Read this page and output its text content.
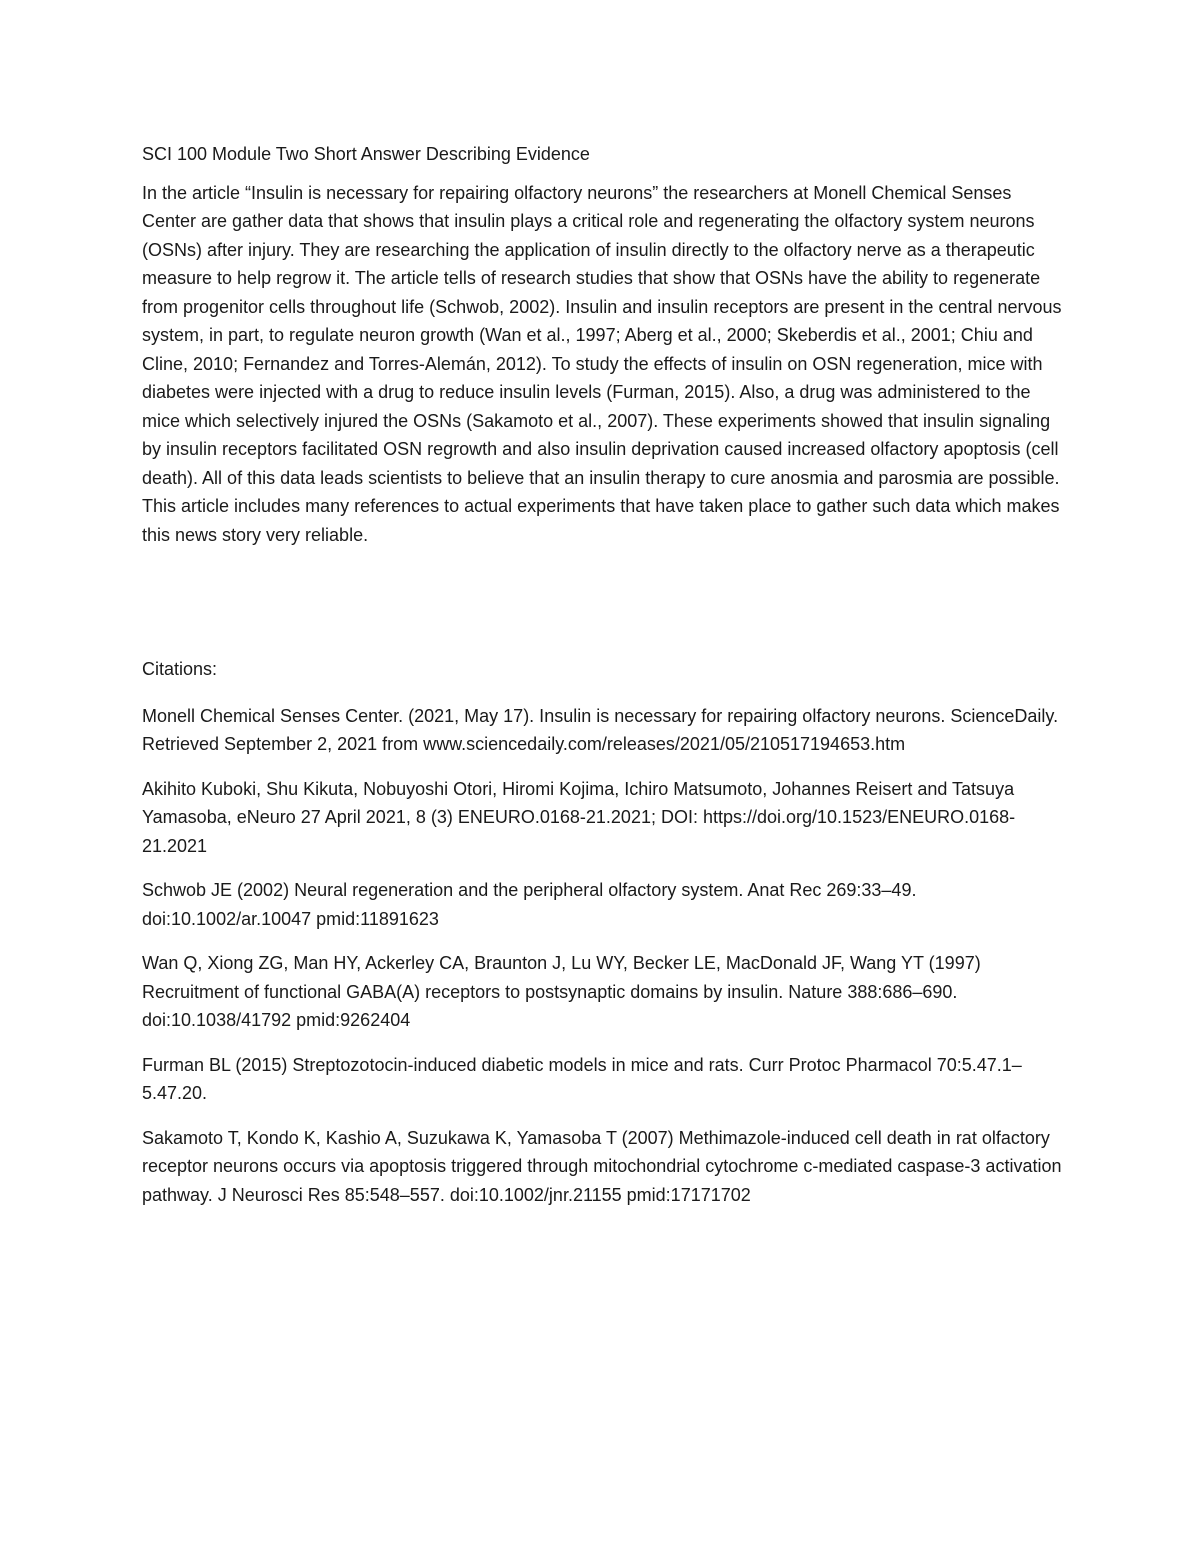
SCI 100 Module Two Short Answer Describing Evidence

In the article “Insulin is necessary for repairing olfactory neurons” the researchers at Monell Chemical Senses Center are gather data that shows that insulin plays a critical role and regenerating the olfactory system neurons (OSNs) after injury. They are researching the application of insulin directly to the olfactory nerve as a therapeutic measure to help regrow it. The article tells of research studies that show that OSNs have the ability to regenerate from progenitor cells throughout life (Schwob, 2002). Insulin and insulin receptors are present in the central nervous system, in part, to regulate neuron growth (Wan et al., 1997; Aberg et al., 2000; Skeberdis et al., 2001; Chiu and Cline, 2010; Fernandez and Torres-Alemán, 2012). To study the effects of insulin on OSN regeneration, mice with diabetes were injected with a drug to reduce insulin levels (Furman, 2015). Also, a drug was administered to the mice which selectively injured the OSNs (Sakamoto et al., 2007). These experiments showed that insulin signaling by insulin receptors facilitated OSN regrowth and also insulin deprivation caused increased olfactory apoptosis (cell death). All of this data leads scientists to believe that an insulin therapy to cure anosmia and parosmia are possible. This article includes many references to actual experiments that have taken place to gather such data which makes this news story very reliable.

Citations:

Monell Chemical Senses Center. (2021, May 17). Insulin is necessary for repairing olfactory neurons. ScienceDaily. Retrieved September 2, 2021 from www.sciencedaily.com/releases/2021/05/210517194653.htm

Akihito Kuboki, Shu Kikuta, Nobuyoshi Otori, Hiromi Kojima, Ichiro Matsumoto, Johannes Reisert and Tatsuya Yamasoba, eNeuro 27 April 2021, 8 (3) ENEURO.0168-21.2021; DOI: https://doi.org/10.1523/ENEURO.0168-21.2021

Schwob JE (2002) Neural regeneration and the peripheral olfactory system. Anat Rec 269:33–49. doi:10.1002/ar.10047 pmid:11891623

Wan Q, Xiong ZG, Man HY, Ackerley CA, Braunton J, Lu WY, Becker LE, MacDonald JF, Wang YT (1997) Recruitment of functional GABA(A) receptors to postsynaptic domains by insulin. Nature 388:686–690. doi:10.1038/41792 pmid:9262404

Furman BL (2015) Streptozotocin-induced diabetic models in mice and rats. Curr Protoc Pharmacol 70:5.47.1–5.47.20.

Sakamoto T, Kondo K, Kashio A, Suzukawa K, Yamasoba T (2007) Methimazole-induced cell death in rat olfactory receptor neurons occurs via apoptosis triggered through mitochondrial cytochrome c-mediated caspase-3 activation pathway. J Neurosci Res 85:548–557. doi:10.1002/jnr.21155 pmid:17171702
